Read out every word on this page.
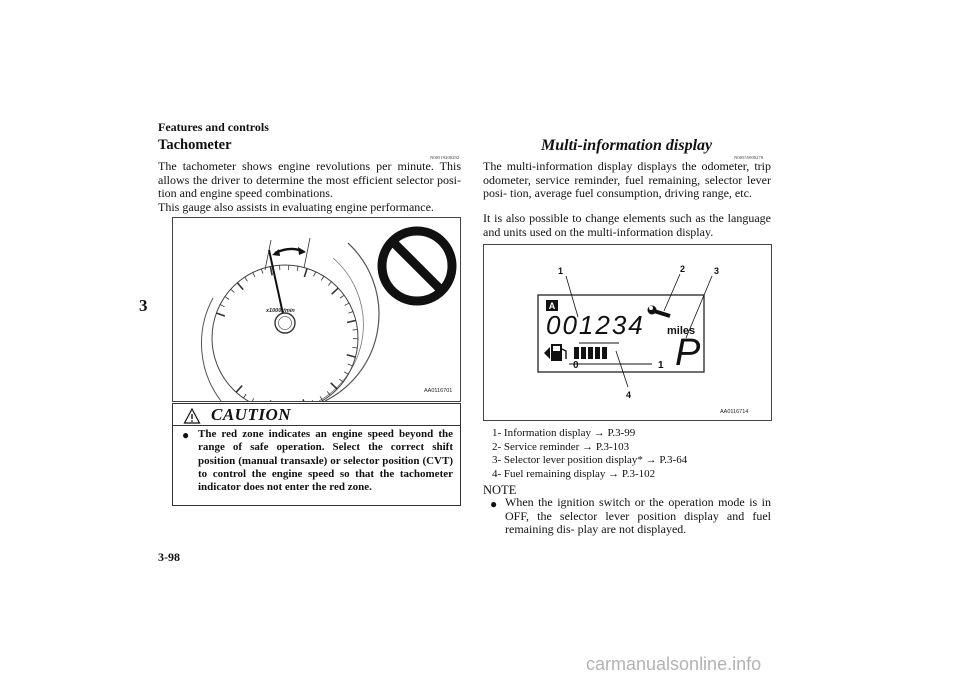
Features and controls
3
Tachometer
N00519200292
The tachometer shows engine revolutions per minute. This allows the driver to determine the most efficient selector posi- tion and engine speed combinations.
This gauge also assists in evaluating engine performance.
x1000r/min
AA0116701
CAUTION
● The red zone indicates an engine speed beyond the range of safe operation. Select the correct shift position (manual transaxle) or selector position (CVT) to control the engine speed so that the tachometer indicator does not enter the red zone.
Multi-information display
N00555000278
The multi-information display displays the odometer, trip odometer, service reminder, fuel remaining, selector lever posi- tion, average fuel consumption, driving range, etc.
It is also possible to change elements such as the language and units used on the multi-information display.
A
001234 miles
P
0	1
1	2	3
4
AA0116714
1- Information display → P.3-99
2- Service reminder → P.3-103
3- Selector lever position display* → P.3-64
4- Fuel remaining display → P.3-102
NOTE
● When the ignition switch or the operation mode is in OFF, the selector lever position display and fuel remaining dis- play are not displayed.
3-98
carmanualsonline.info
